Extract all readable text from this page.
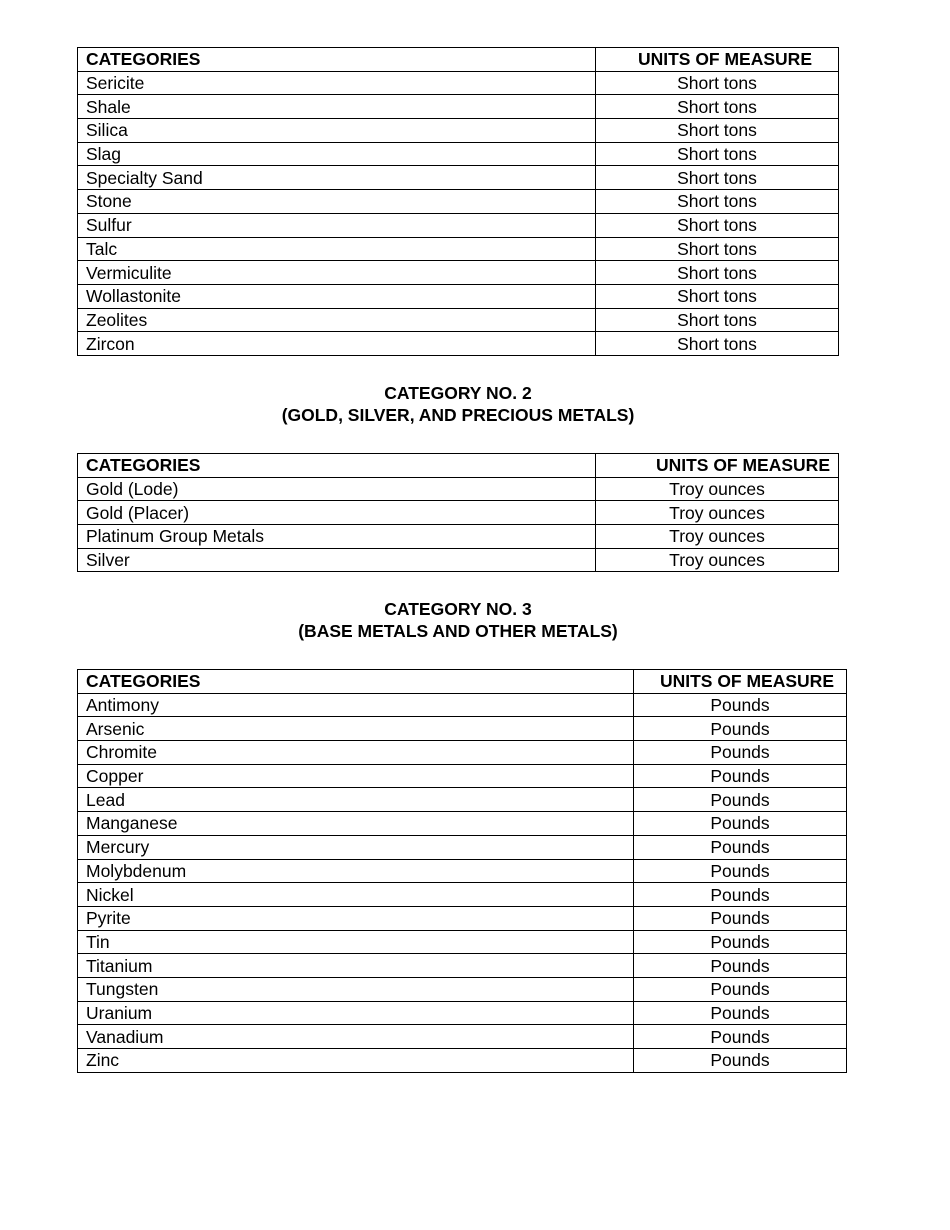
CATEGORIES	UNITS OF MEASURE
Sericite	Short tons
Shale	Short tons
Silica	Short tons
Slag	Short tons
Specialty Sand	Short tons
Stone	Short tons
Sulfur	Short tons
Talc	Short tons
Vermiculite	Short tons
Wollastonite	Short tons
Zeolites	Short tons
Zircon	Short tons
CATEGORY NO. 2
(GOLD, SILVER, AND PRECIOUS METALS)
CATEGORIES	UNITS OF MEASURE
Gold (Lode)	Troy ounces
Gold (Placer)	Troy ounces
Platinum Group Metals	Troy ounces
Silver	Troy ounces
CATEGORY NO. 3
(BASE METALS AND OTHER METALS)
CATEGORIES	UNITS OF MEASURE
Antimony	Pounds
Arsenic	Pounds
Chromite	Pounds
Copper	Pounds
Lead	Pounds
Manganese	Pounds
Mercury	Pounds
Molybdenum	Pounds
Nickel	Pounds
Pyrite	Pounds
Tin	Pounds
Titanium	Pounds
Tungsten	Pounds
Uranium	Pounds
Vanadium	Pounds
Zinc	Pounds
